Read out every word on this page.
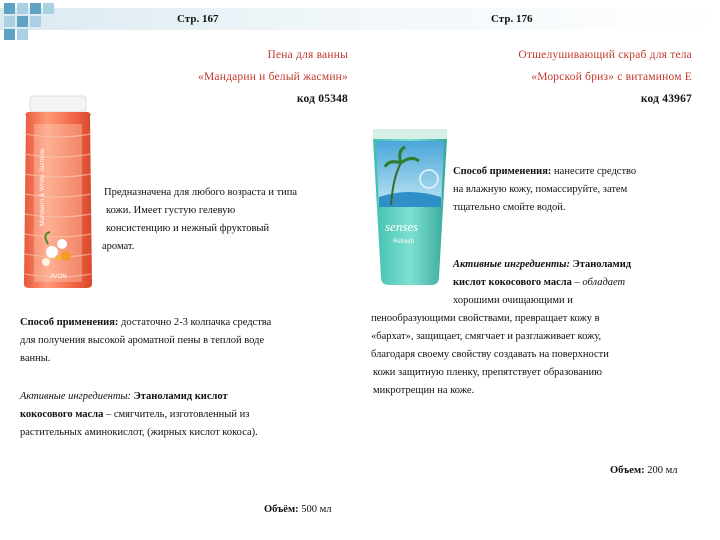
Стр. 167	Стр. 176
Пена для ванны
«Мандарин и белый жасмин»
код 05348
Отшелушивающий скраб для тела
«Морской бриз» с витамином Е
код 43967
Mandarin & White Jasmine
AVON
senses
Refresh
Предназначена для любого возраста и типа
кожи. Имеет густую гелевую
консистенцию и нежный фруктовый
аромат.
Способ применения: достаточно 2-3 колпачка средства
для получения высокой ароматной пены в теплой воде
ванны.
Активные ингредиенты: Этаноламид кислот
кокосового масла – смягчитель, изготовленный из
растительных аминокислот, (жирных кислот кокоса).
Объём: 500 мл
Способ применения: нанесите средство
на влажную кожу, помассируйте, затем
тщательно смойте водой.
Активные ингредиенты: Этаноламид
кислот кокосового масла – обладает
хорошими очищающими и
пенообразующими свойствами, превращает кожу в
«бархат», защищает, смягчает и разглаживает кожу,
благодаря своему свойству создавать на поверхности
кожи защитную пленку, препятствует образованию
микротрещин на коже.
Объем: 200 мл
